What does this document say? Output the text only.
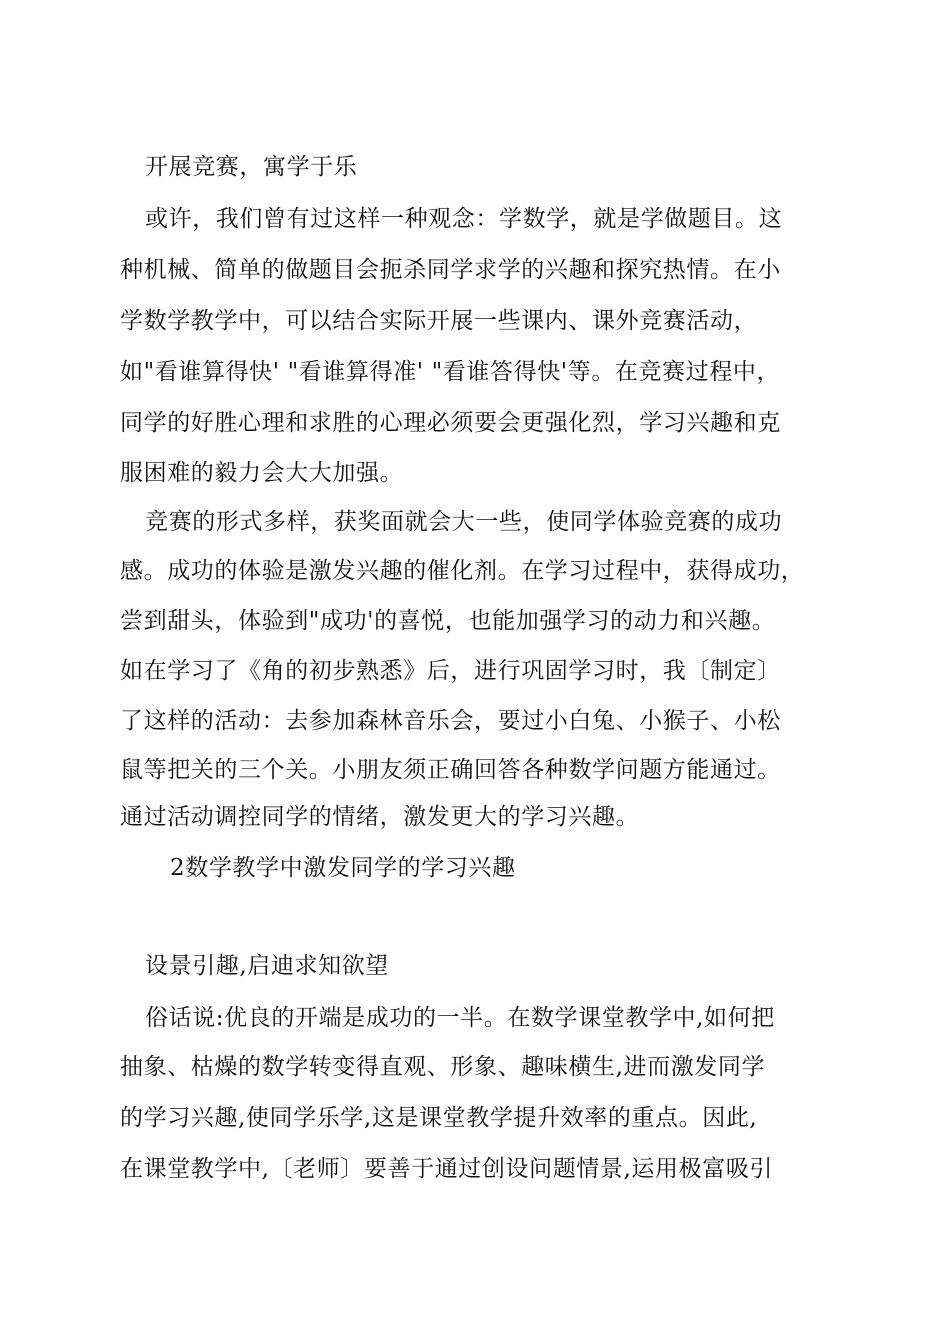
开展竞赛，寓学于乐
或许，我们曾有过这样一种观念：学数学，就是学做题目。这
种机械、简单的做题目会扼杀同学求学的兴趣和探究热情。在小
学数学教学中，可以结合实际开展一些课内、课外竞赛活动，
如"看谁算得快' "看谁算得准' "看谁答得快'等。在竞赛过程中，
同学的好胜心理和求胜的心理必须要会更强化烈，学习兴趣和克
服困难的毅力会大大加强。
竞赛的形式多样，获奖面就会大一些，使同学体验竞赛的成功
感。成功的体验是激发兴趣的催化剂。在学习过程中，获得成功，
尝到甜头，体验到"成功'的喜悦，也能加强学习的动力和兴趣。
如在学习了《角的初步熟悉》后，进行巩固学习时，我〔制定〕
了这样的活动：去参加森林音乐会，要过小白兔、小猴子、小松
鼠等把关的三个关。小朋友须正确回答各种数学问题方能通过。
通过活动调控同学的情绪，激发更大的学习兴趣。
2数学教学中激发同学的学习兴趣
设景引趣,启迪求知欲望
俗话说:优良的开端是成功的一半。在数学课堂教学中,如何把
抽象、枯燥的数学转变得直观、形象、趣味横生,进而激发同学
的学习兴趣,使同学乐学,这是课堂教学提升效率的重点。因此,
在课堂教学中,〔老师〕要善于通过创设问题情景,运用极富吸引
